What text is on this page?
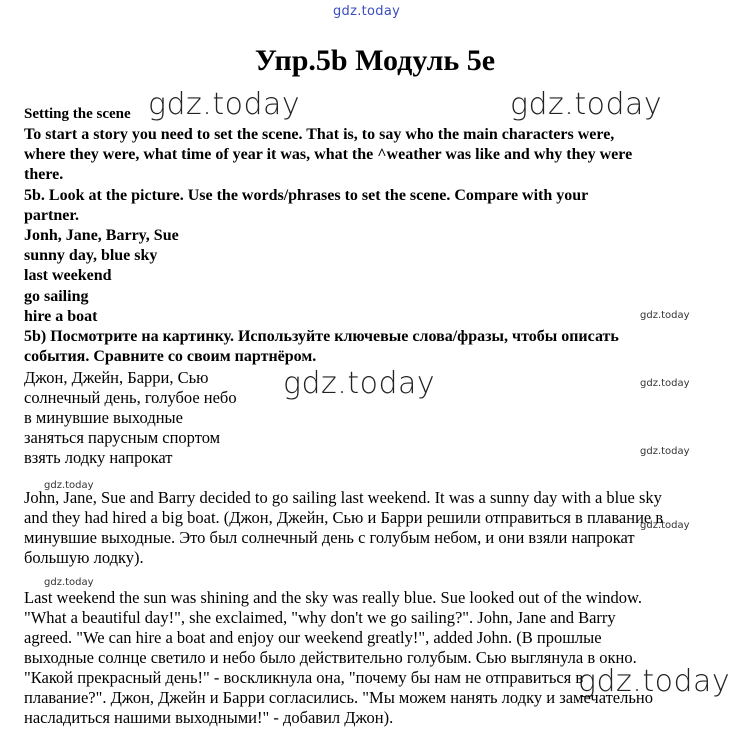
gdz.today
gdz.today	gdz.today
gdz.today
gdz.today
gdz.today
gdz.today
gdz.today
gdz.today
gdz.today
gdz.today
Упр.5b Модуль 5е
Setting the scene
To start a story you need to set the scene. That is, to say who the main characters were,
where they were, what time of year it was, what the ^weather was like and why they were
there.
5b. Look at the picture. Use the words/phrases to set the scene. Compare with your
partner.
Jonh, Jane, Barry, Sue
sunny day, blue sky
last weekend
go sailing
hire a boat
5b) Посмотрите на картинку. Используйте ключевые слова/фразы, чтобы описать
события. Сравните со своим партнёром.
Джон, Джейн, Барри, Сью
солнечный день, голубое небо
в минувшие выходные
заняться парусным спортом
взять лодку напрокат
John, Jane, Sue and Barry decided to go sailing last weekend. It was a sunny day with a blue sky
and they had hired a big boat. (Джон, Джейн, Сью и Барри решили отправиться в плавание в
минувшие выходные. Это был солнечный день с голубым небом, и они взяли напрокат
большую лодку).
Last weekend the sun was shining and the sky was really blue. Sue looked out of the window.
"What a beautiful day!", she exclaimed, "why don't we go sailing?". John, Jane and Barry
agreed. "We can hire a boat and enjoy our weekend greatly!", added John. (В прошлые
выходные солнце светило и небо было действительно голубым. Сью выглянула в окно.
"Какой прекрасный день!" - воскликнула она, "почему бы нам не отправиться в
плавание?". Джон, Джейн и Барри согласились. "Мы можем нанять лодку и замечательно
насладиться нашими выходными!" - добавил Джон).
